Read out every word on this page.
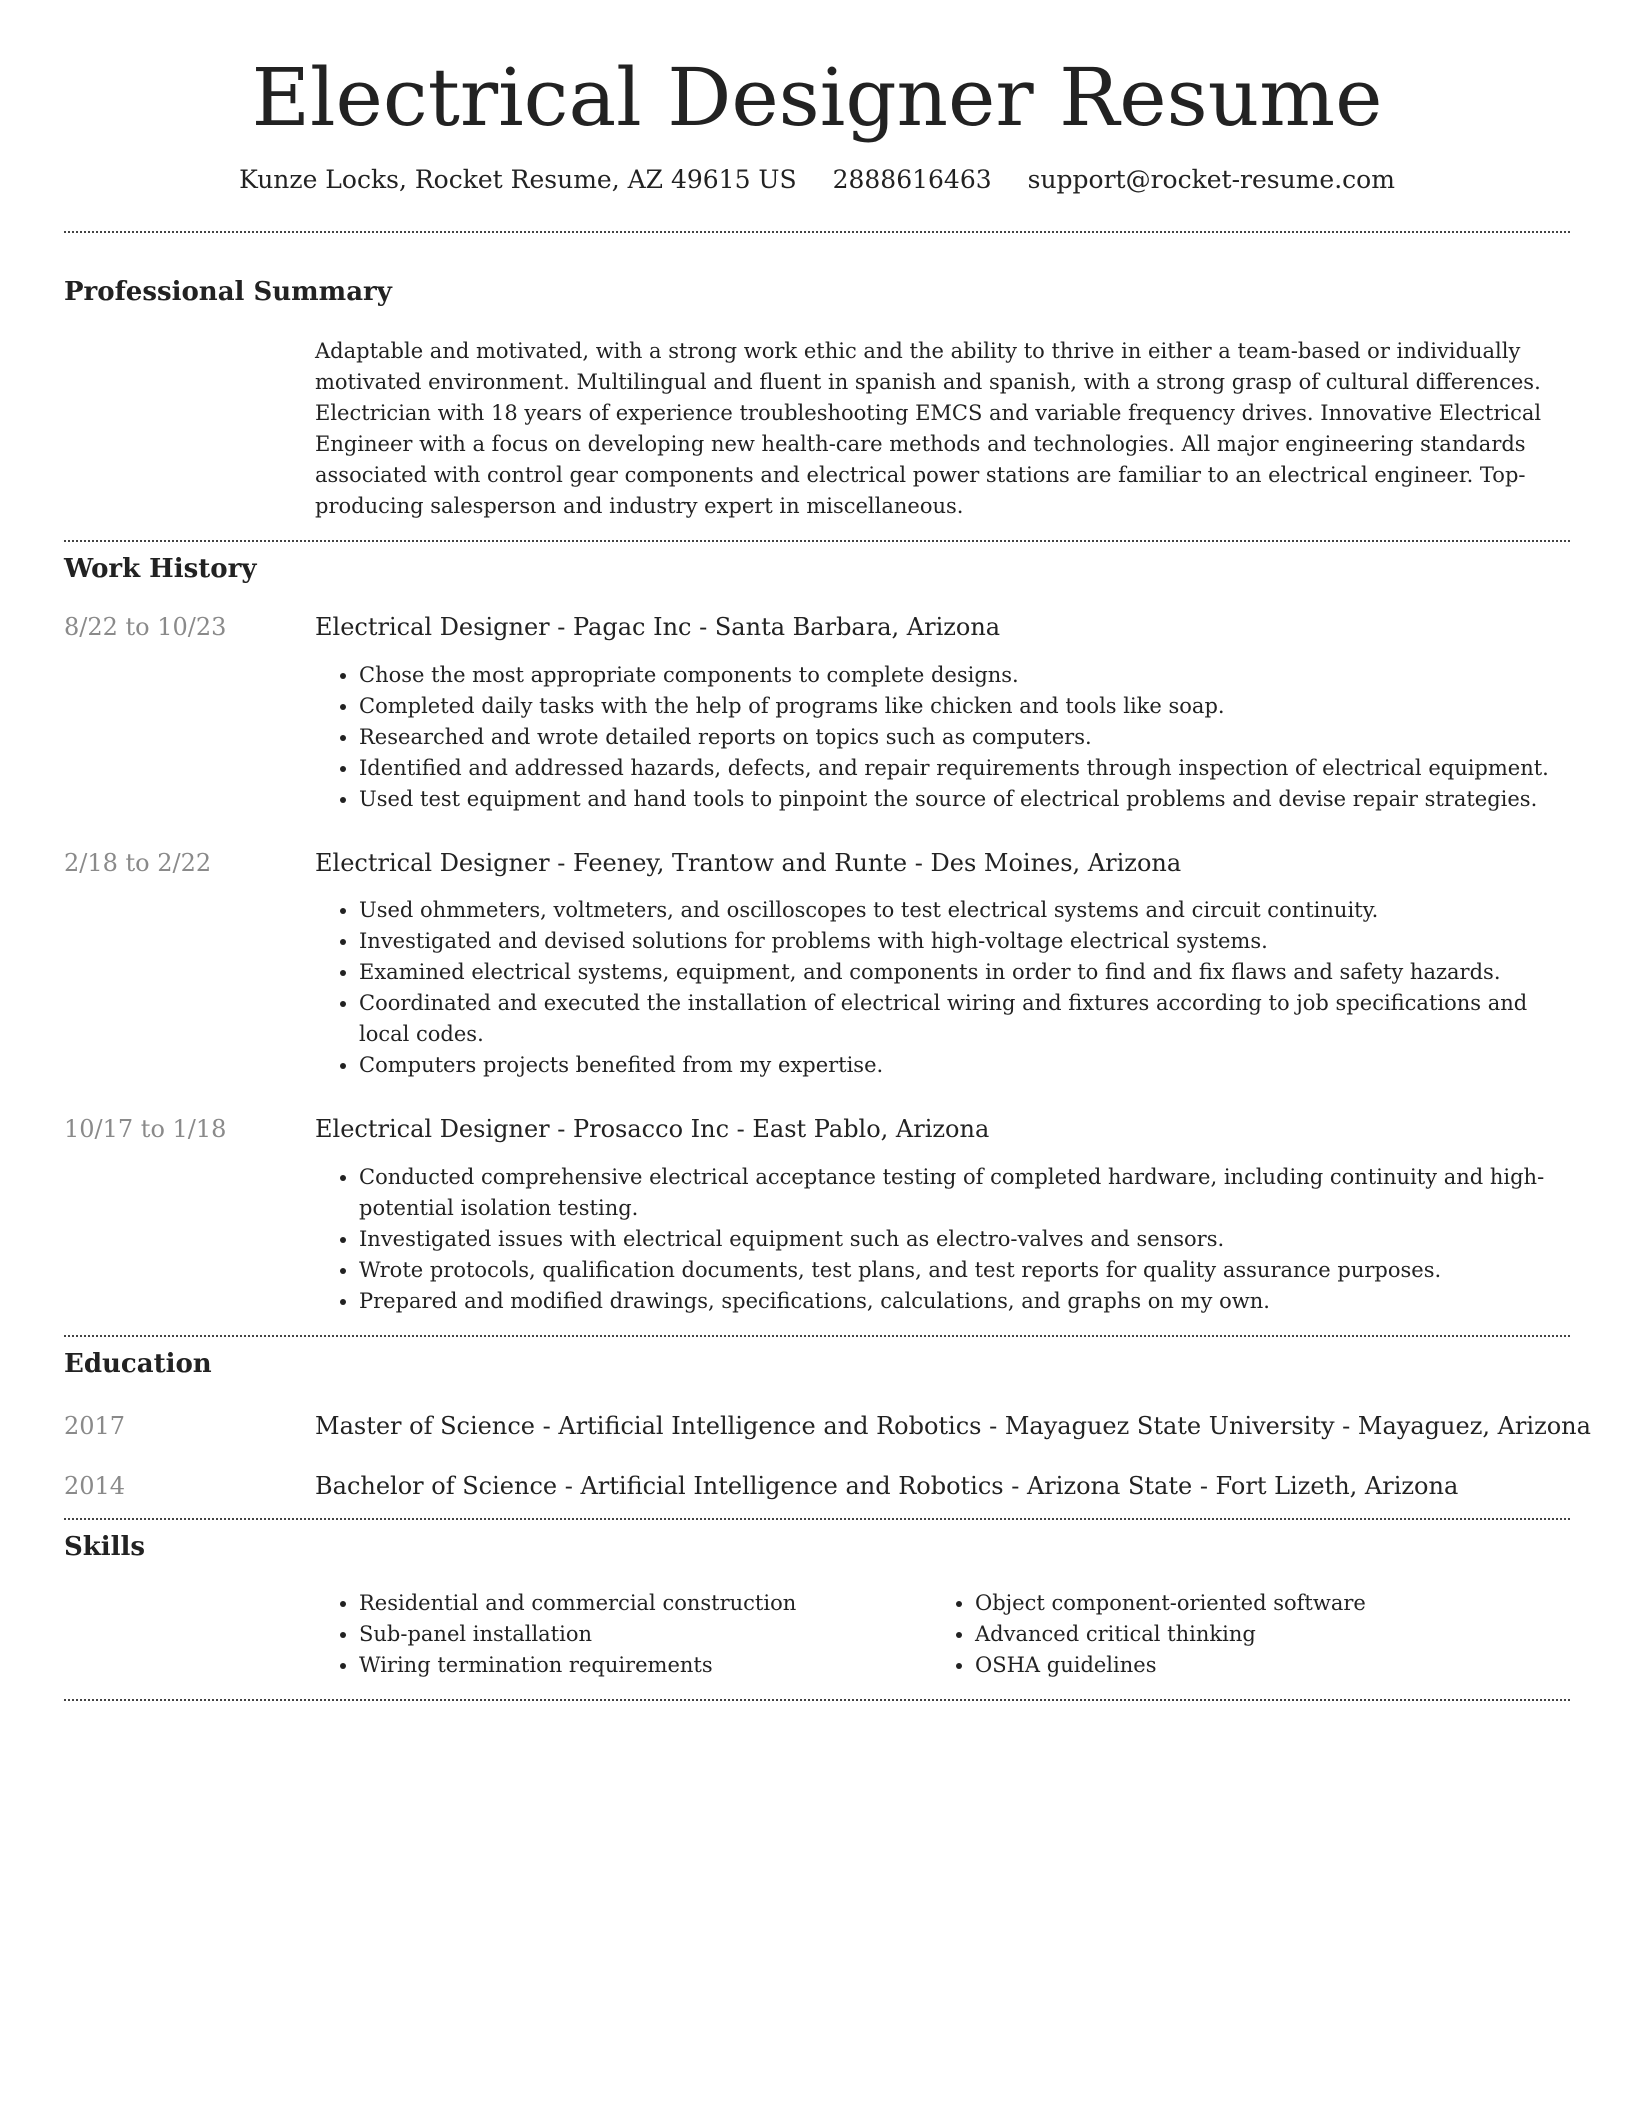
Electrical Designer Resume
Kunze Locks, Rocket Resume, AZ 49615 US 2888616463 support@rocket-resume.com
Professional Summary

Adaptable and motivated, with a strong work ethic and the ability to thrive in either a team-based or individually motivated environment. Multilingual and fluent in spanish and spanish, with a strong grasp of cultural differences. Electrician with 18 years of experience troubleshooting EMCS and variable frequency drives. Innovative Electrical Engineer with a focus on developing new health-care methods and technologies. All major engineering standards associated with control gear components and electrical power stations are familiar to an electrical engineer. Top-producing salesperson and industry expert in miscellaneous.

Work History
8/22 to 10/23	Electrical Designer - Pagac Inc - Santa Barbara, Arizona
• Chose the most appropriate components to complete designs.
• Completed daily tasks with the help of programs like chicken and tools like soap.
• Researched and wrote detailed reports on topics such as computers.
• Identified and addressed hazards, defects, and repair requirements through inspection of electrical equipment.
• Used test equipment and hand tools to pinpoint the source of electrical problems and devise repair strategies.
2/18 to 2/22	Electrical Designer - Feeney, Trantow and Runte - Des Moines, Arizona
• Used ohmmeters, voltmeters, and oscilloscopes to test electrical systems and circuit continuity.
• Investigated and devised solutions for problems with high-voltage electrical systems.
• Examined electrical systems, equipment, and components in order to find and fix flaws and safety hazards.
• Coordinated and executed the installation of electrical wiring and fixtures according to job specifications and local codes.
• Computers projects benefited from my expertise.
10/17 to 1/18	Electrical Designer - Prosacco Inc - East Pablo, Arizona
• Conducted comprehensive electrical acceptance testing of completed hardware, including continuity and high-potential isolation testing.
• Investigated issues with electrical equipment such as electro-valves and sensors.
• Wrote protocols, qualification documents, test plans, and test reports for quality assurance purposes.
• Prepared and modified drawings, specifications, calculations, and graphs on my own.
Education
2017	Master of Science - Artificial Intelligence and Robotics - Mayaguez State University - Mayaguez, Arizona
2014	Bachelor of Science - Artificial Intelligence and Robotics - Arizona State - Fort Lizeth, Arizona
Skills
• Residential and commercial construction
• Sub-panel installation
• Wiring termination requirements
• Object component-oriented software
• Advanced critical thinking
• OSHA guidelines
